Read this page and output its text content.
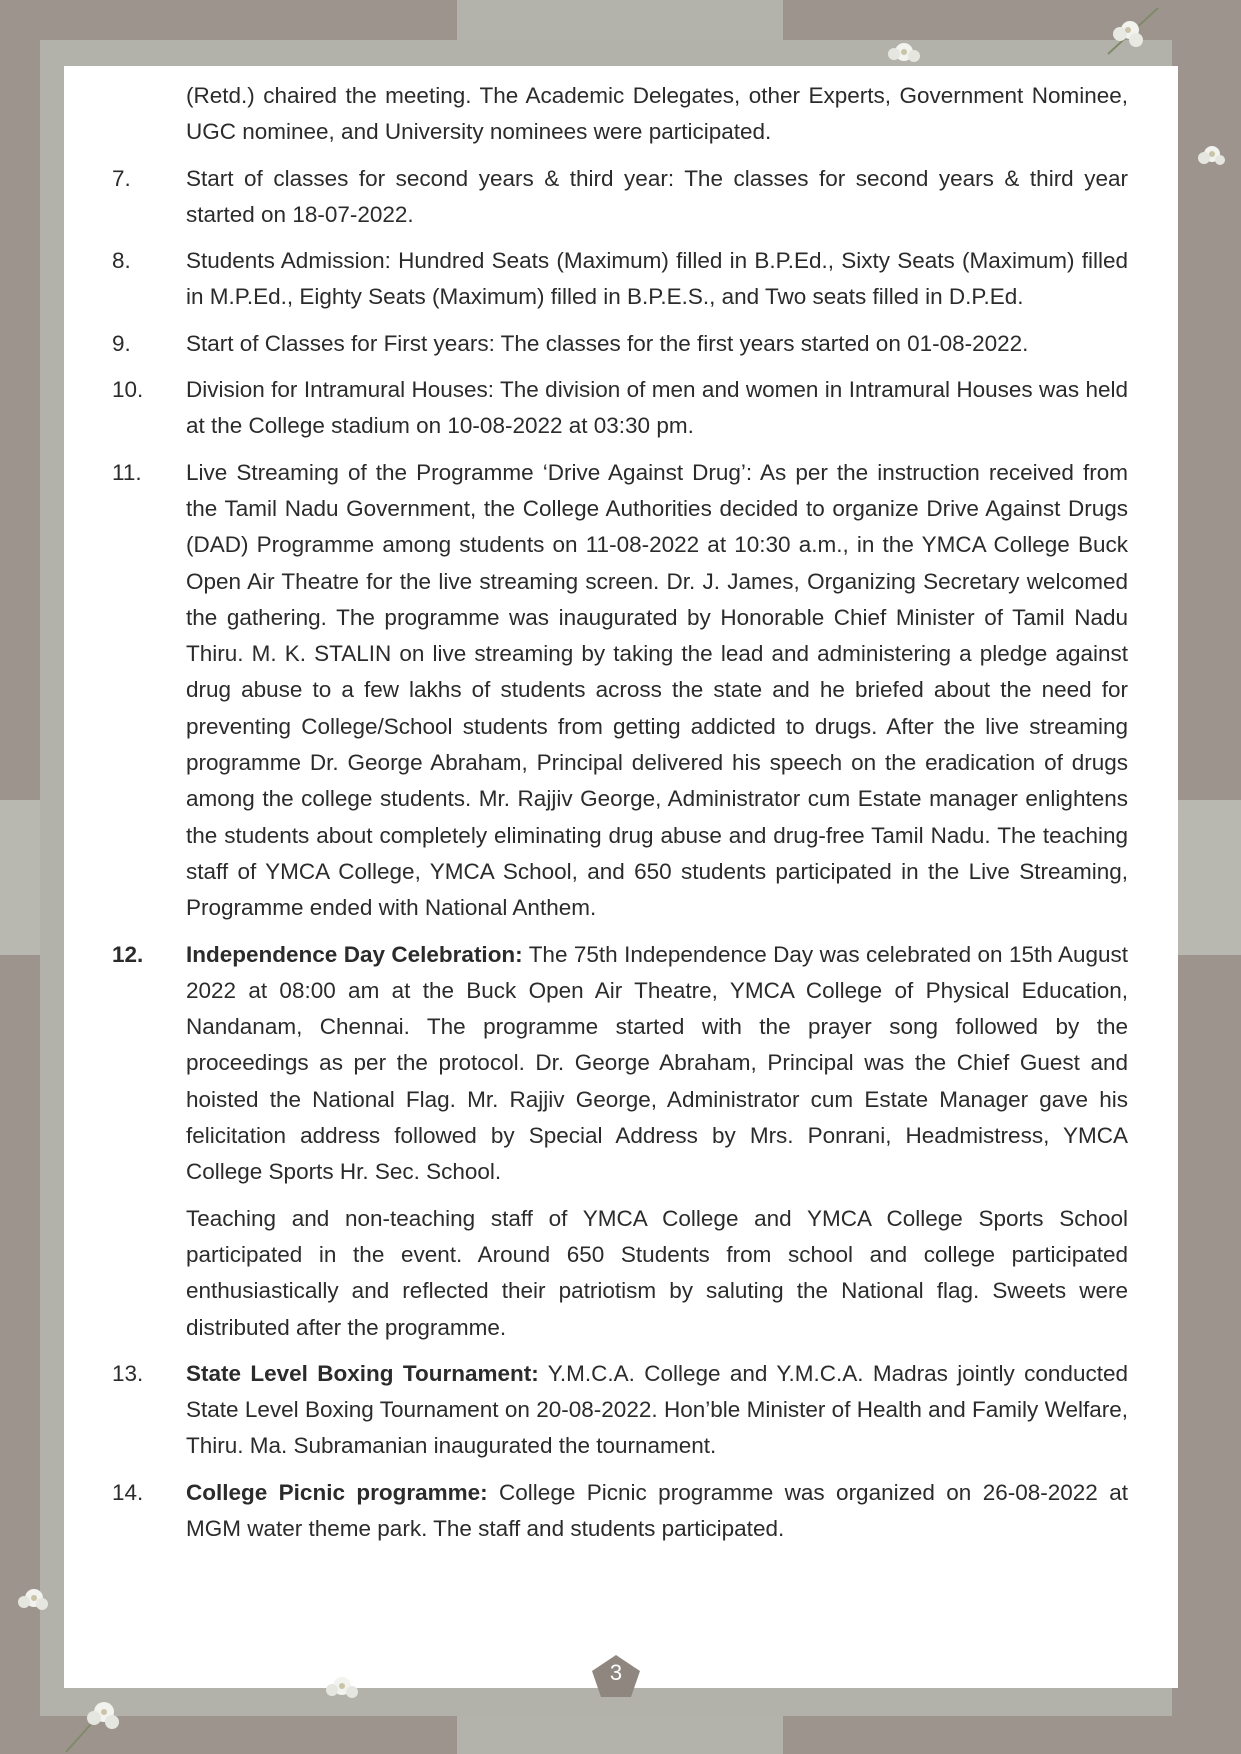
(Retd.) chaired the meeting. The Academic Delegates, other Experts, Government Nominee, UGC nominee, and University nominees were participated.
7. Start of classes for second years & third year: The classes for second years & third year started on 18-07-2022.
8. Students Admission: Hundred Seats (Maximum) filled in B.P.Ed., Sixty Seats (Maximum) filled in M.P.Ed., Eighty Seats (Maximum) filled in B.P.E.S., and Two seats filled in D.P.Ed.
9. Start of Classes for First years: The classes for the first years started on 01-08-2022.
10. Division for Intramural Houses: The division of men and women in Intramural Houses was held at the College stadium on 10-08-2022 at 03:30 pm.
11. Live Streaming of the Programme ‘Drive Against Drug’: As per the instruction received from the Tamil Nadu Government, the College Authorities decided to organize Drive Against Drugs (DAD) Programme among students on 11-08-2022 at 10:30 a.m., in the YMCA College Buck Open Air Theatre for the live streaming screen. Dr. J. James, Organizing Secretary welcomed the gathering. The programme was inaugurated by Honorable Chief Minister of Tamil Nadu Thiru. M. K. STALIN on live streaming by taking the lead and administering a pledge against drug abuse to a few lakhs of students across the state and he briefed about the need for preventing College/School students from getting addicted to drugs. After the live streaming programme Dr. George Abraham, Principal delivered his speech on the eradication of drugs among the college students. Mr. Rajjiv George, Administrator cum Estate manager enlightens the students about completely eliminating drug abuse and drug-free Tamil Nadu. The teaching staff of YMCA College, YMCA School, and 650 students participated in the Live Streaming, Programme ended with National Anthem.
12. Independence Day Celebration: The 75th Independence Day was celebrated on 15th August 2022 at 08:00 am at the Buck Open Air Theatre, YMCA College of Physical Education, Nandanam, Chennai. The programme started with the prayer song followed by the proceedings as per the protocol. Dr. George Abraham, Principal was the Chief Guest and hoisted the National Flag. Mr. Rajjiv George, Administrator cum Estate Manager gave his felicitation address followed by Special Address by Mrs. Ponrani, Headmistress, YMCA College Sports Hr. Sec. School.
Teaching and non-teaching staff of YMCA College and YMCA College Sports School participated in the event. Around 650 Students from school and college participated enthusiastically and reflected their patriotism by saluting the National flag. Sweets were distributed after the programme.
13. State Level Boxing Tournament: Y.M.C.A. College and Y.M.C.A. Madras jointly conducted State Level Boxing Tournament on 20-08-2022. Hon’ble Minister of Health and Family Welfare, Thiru. Ma. Subramanian inaugurated the tournament.
14. College Picnic programme: College Picnic programme was organized on 26-08-2022 at MGM water theme park. The staff and students participated.
3
